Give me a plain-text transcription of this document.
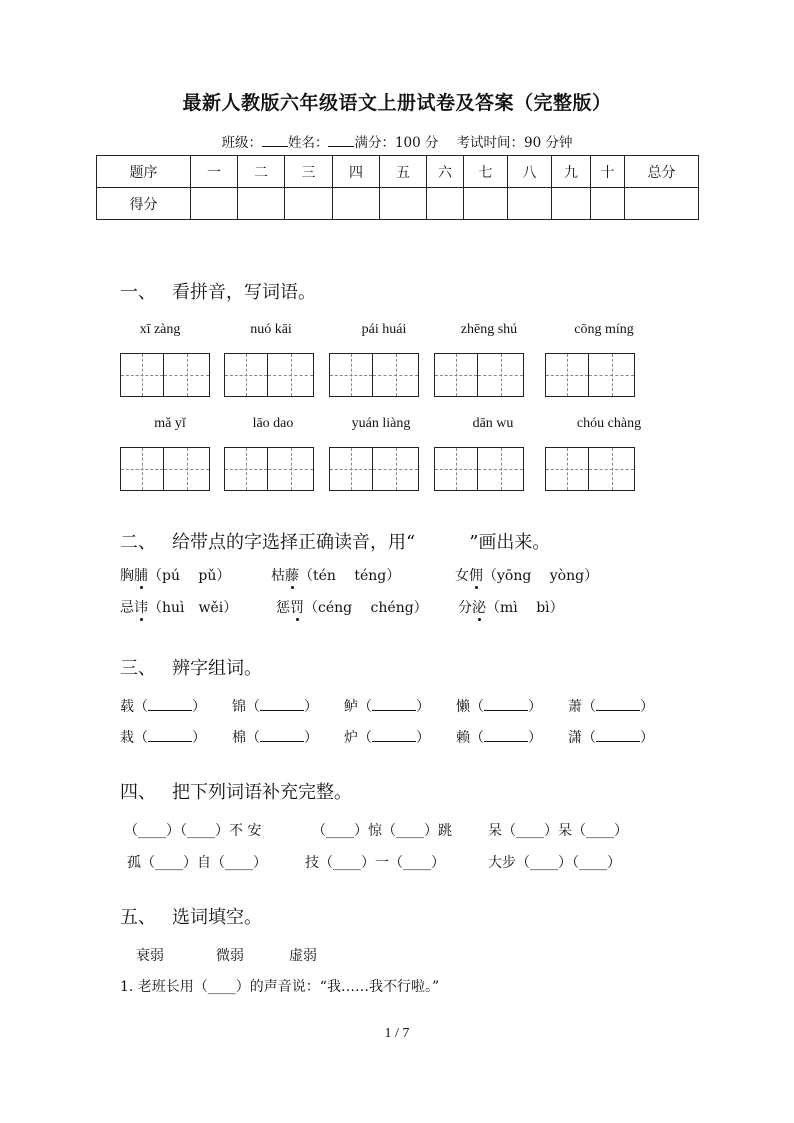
最新人教版六年级语文上册试卷及答案（完整版）
班级： 姓名： 满分：100 分 考试时间：90 分钟
题序	一	二	三	四	五	六	七	八	九	十	总分
得分											
一、 看拼音，写词语。
xī zàng	nuó kāi	pái huái	zhēng shú	cōng míng
mǎ yǐ	lāo dao	yuán liàng	dān wu	chóu chàng
二、 给带点的字选择正确读音，用“　　　”画出来。
胸脯（pú　 pǔ）	枯藤（tén　 téng）	女佣（yōng　 yòng）
忌讳（huì　wěi）	惩罚（céng　 chéng） 分泌（mì　 bì）
三、 辨字组词。
载（	） 锦（	） 鲈（	） 懒（	） 萧（	）
栽（	） 棉（	） 炉（	） 赖（	） 潇（	）
四、 把下列词语补充完整。
（____）（____）不 安	（____）惊（____）跳	呆（____）呆（____）
孤（____）自（____）	技（____）一（____）	大步（____）（____）
五、 选词填空。
衰弱	微弱	虚弱
1. 老班长用（____）的声音说：“我……我不行啦。”
1 / 7
